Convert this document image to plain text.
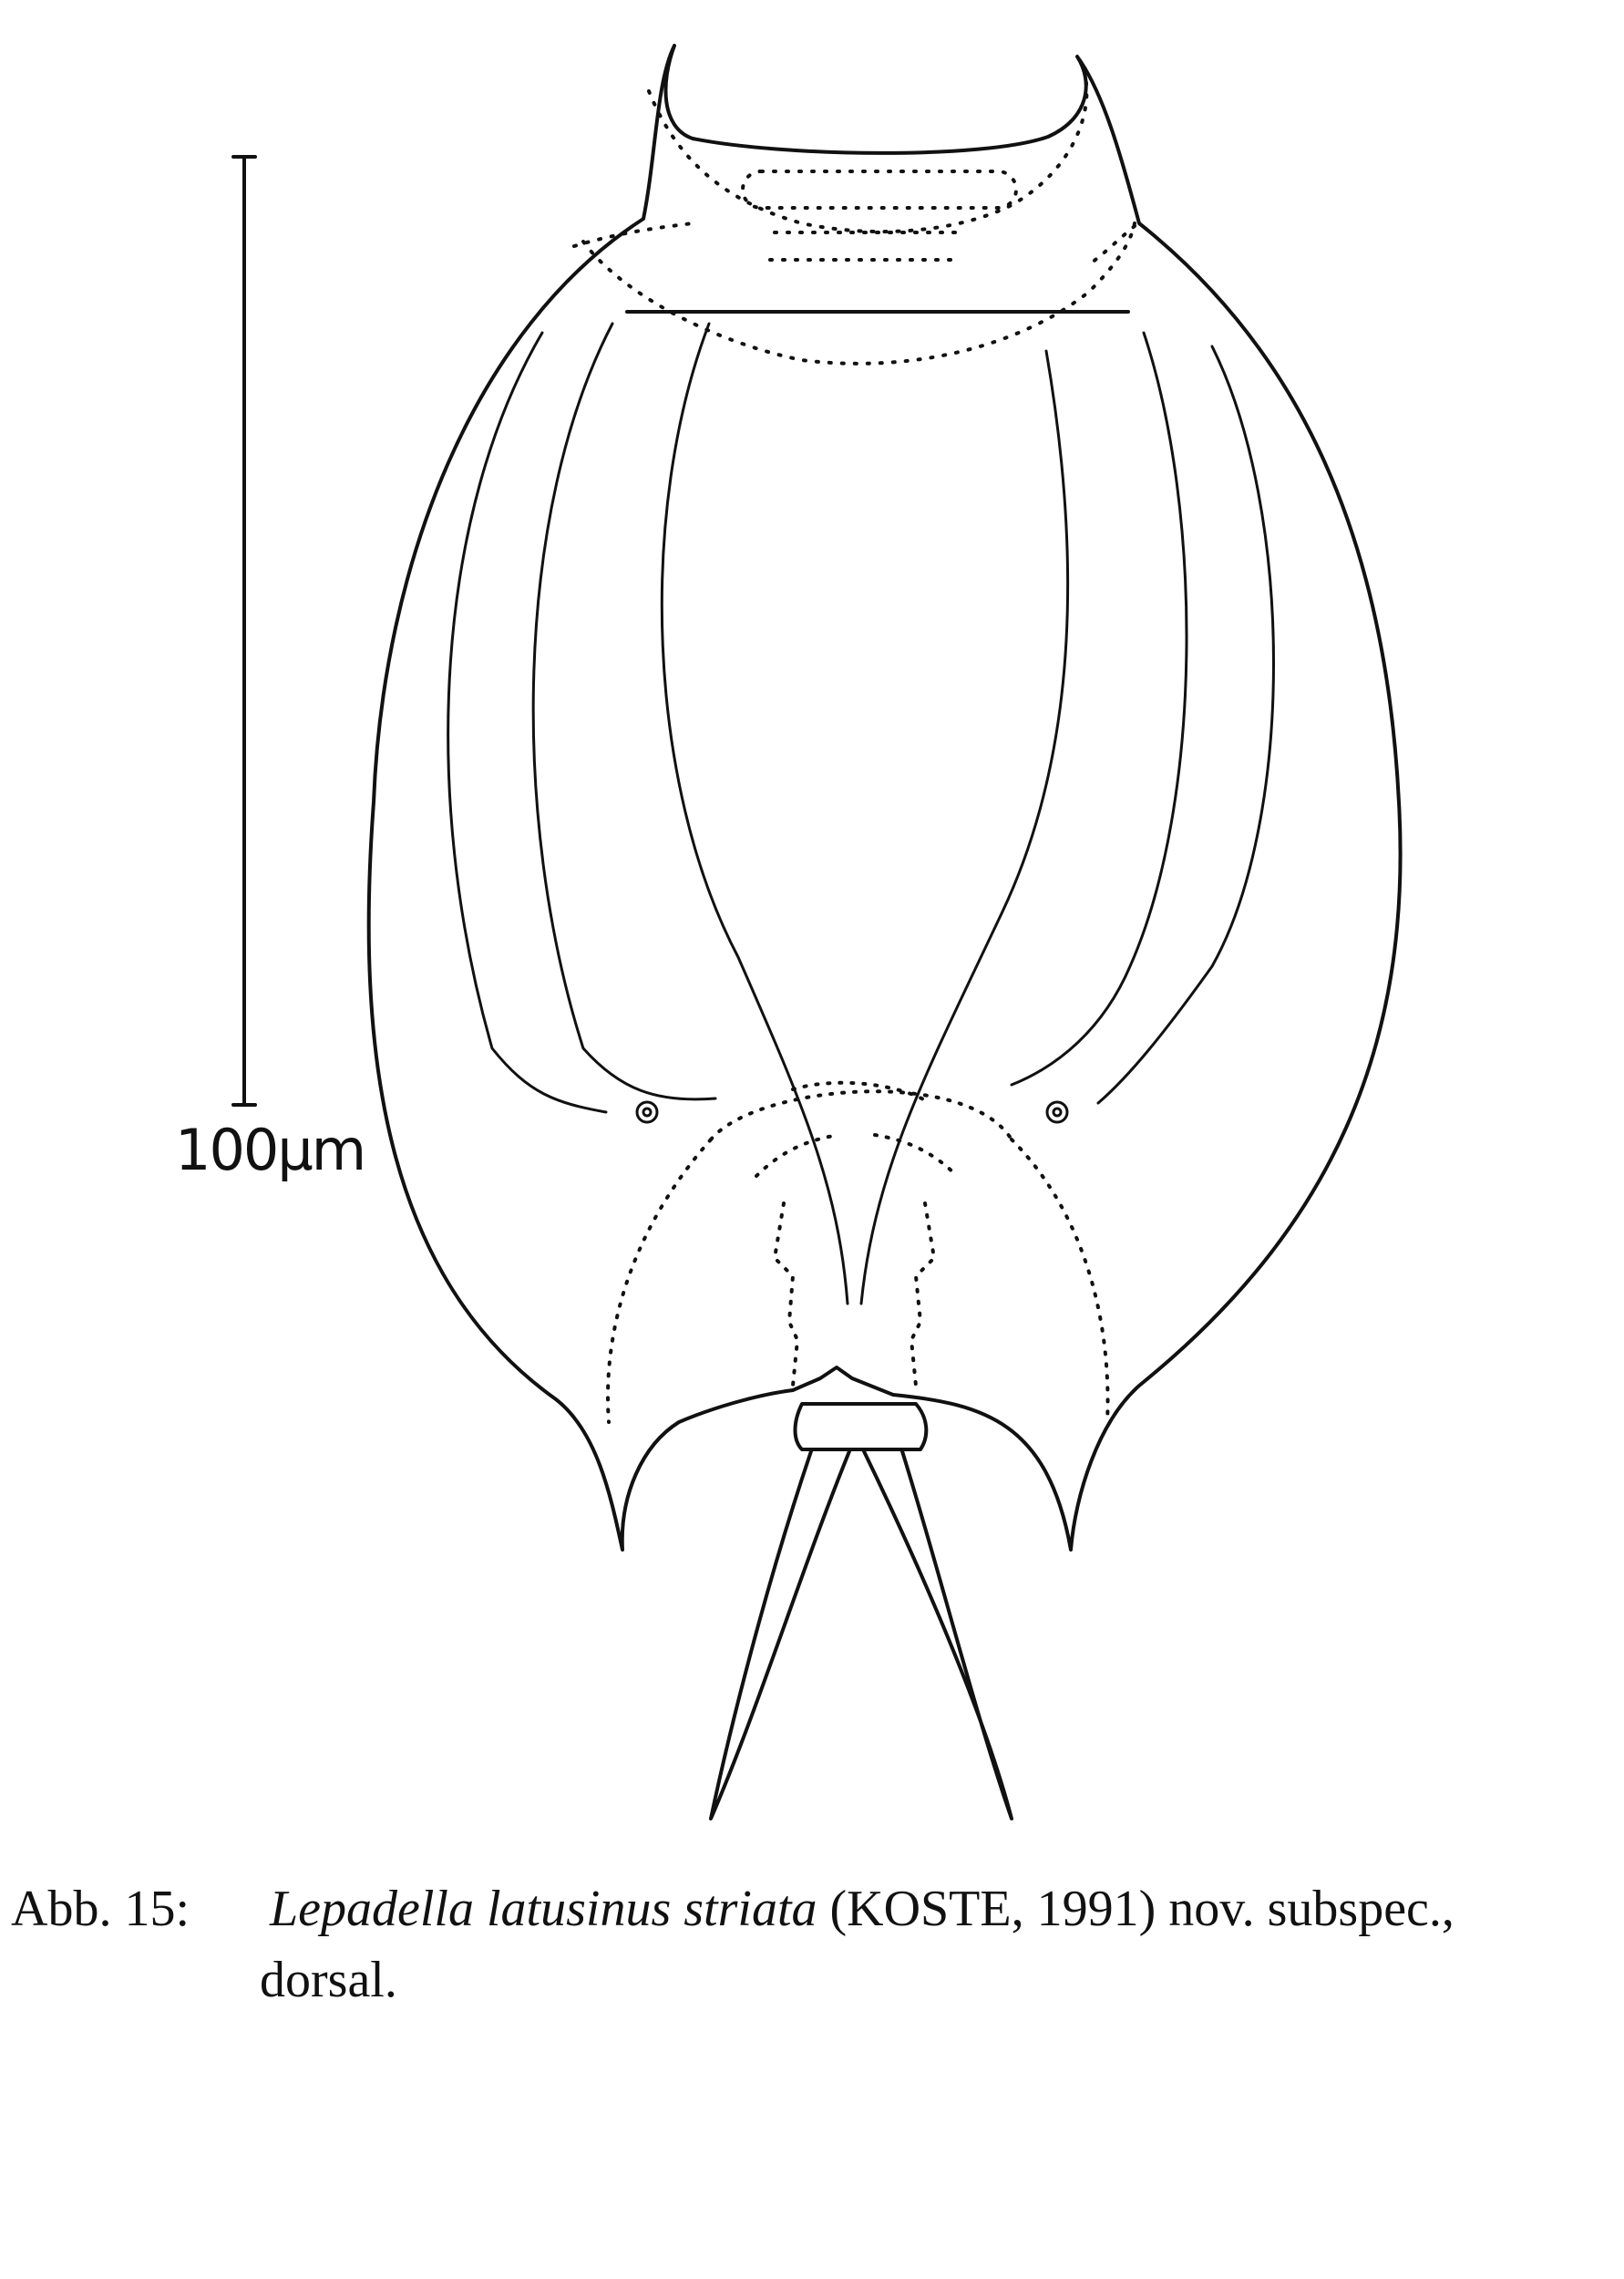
100µm
Abb. 15: Lepadella latusinus striata (KOSTE, 1991) nov. subspec.,
dorsal.
